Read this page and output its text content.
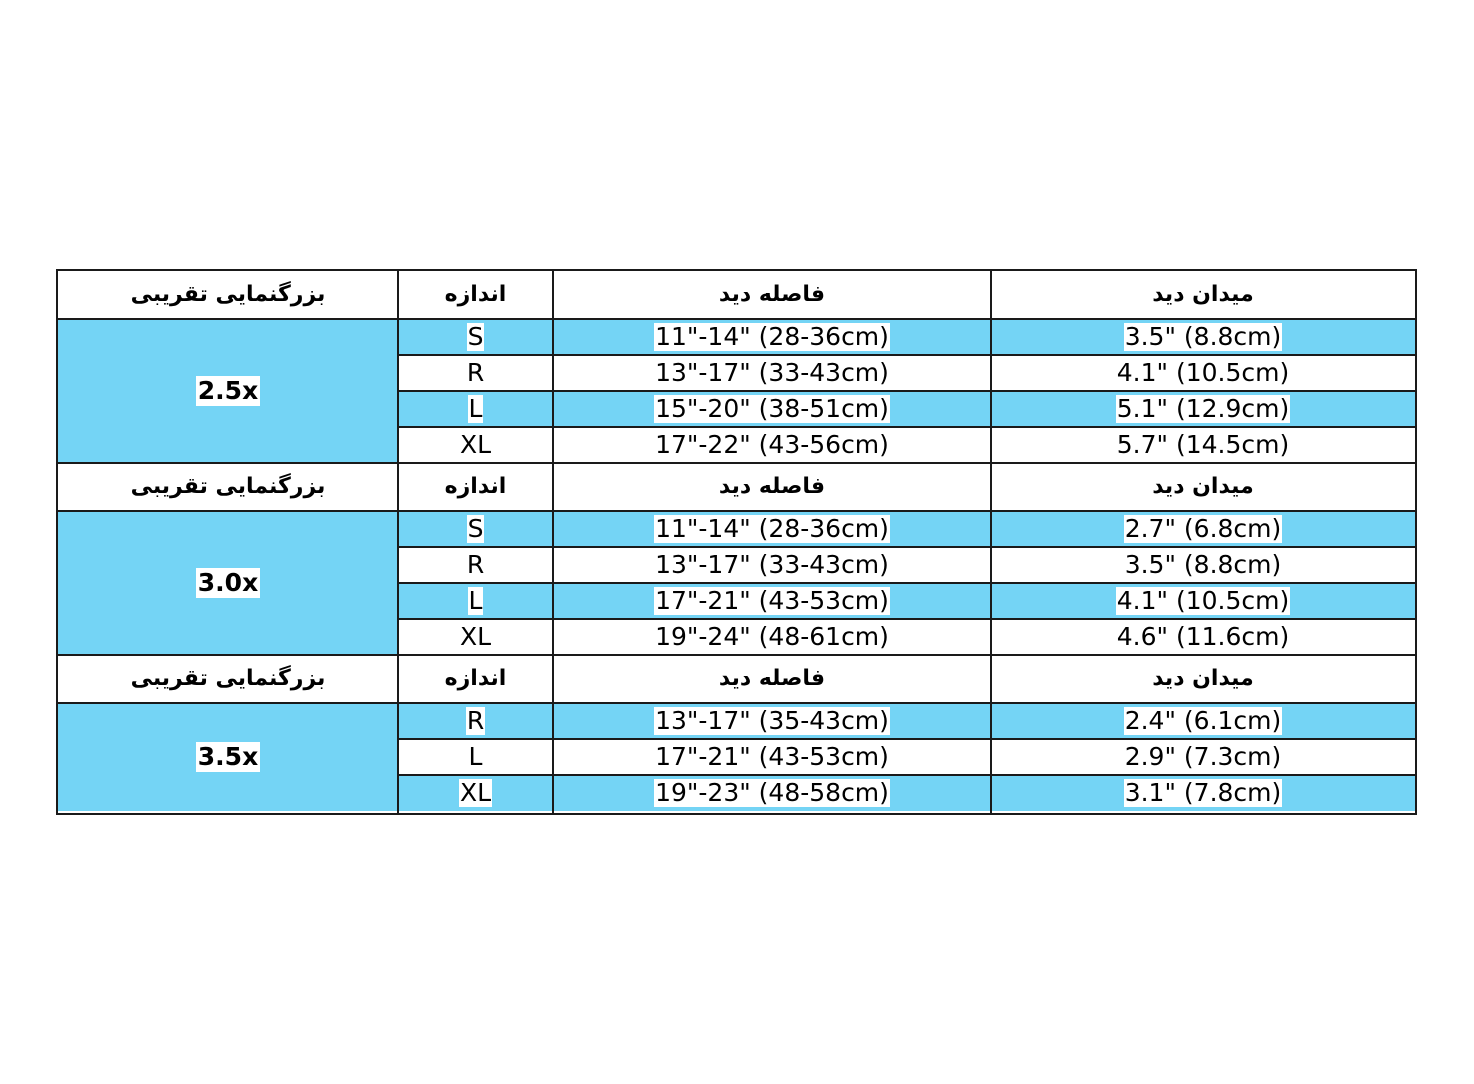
بزرگنمایی تقریبی	اندازه	فاصله دید	میدان دید
2.5x
S	11"-14" (28-36cm)	3.5" (8.8cm)
R	13"-17" (33-43cm)	4.1" (10.5cm)
L	15"-20" (38-51cm)	5.1" (12.9cm)
XL	17"-22" (43-56cm)	5.7" (14.5cm)
بزرگنمایی تقریبی	اندازه	فاصله دید	میدان دید
3.0x
S	11"-14" (28-36cm)	2.7" (6.8cm)
R	13"-17" (33-43cm)	3.5" (8.8cm)
L	17"-21" (43-53cm)	4.1" (10.5cm)
XL	19"-24" (48-61cm)	4.6" (11.6cm)
بزرگنمایی تقریبی	اندازه	فاصله دید	میدان دید
3.5x
R	13"-17" (35-43cm)	2.4" (6.1cm)
L	17"-21" (43-53cm)	2.9" (7.3cm)
XL	19"-23" (48-58cm)	3.1" (7.8cm)
